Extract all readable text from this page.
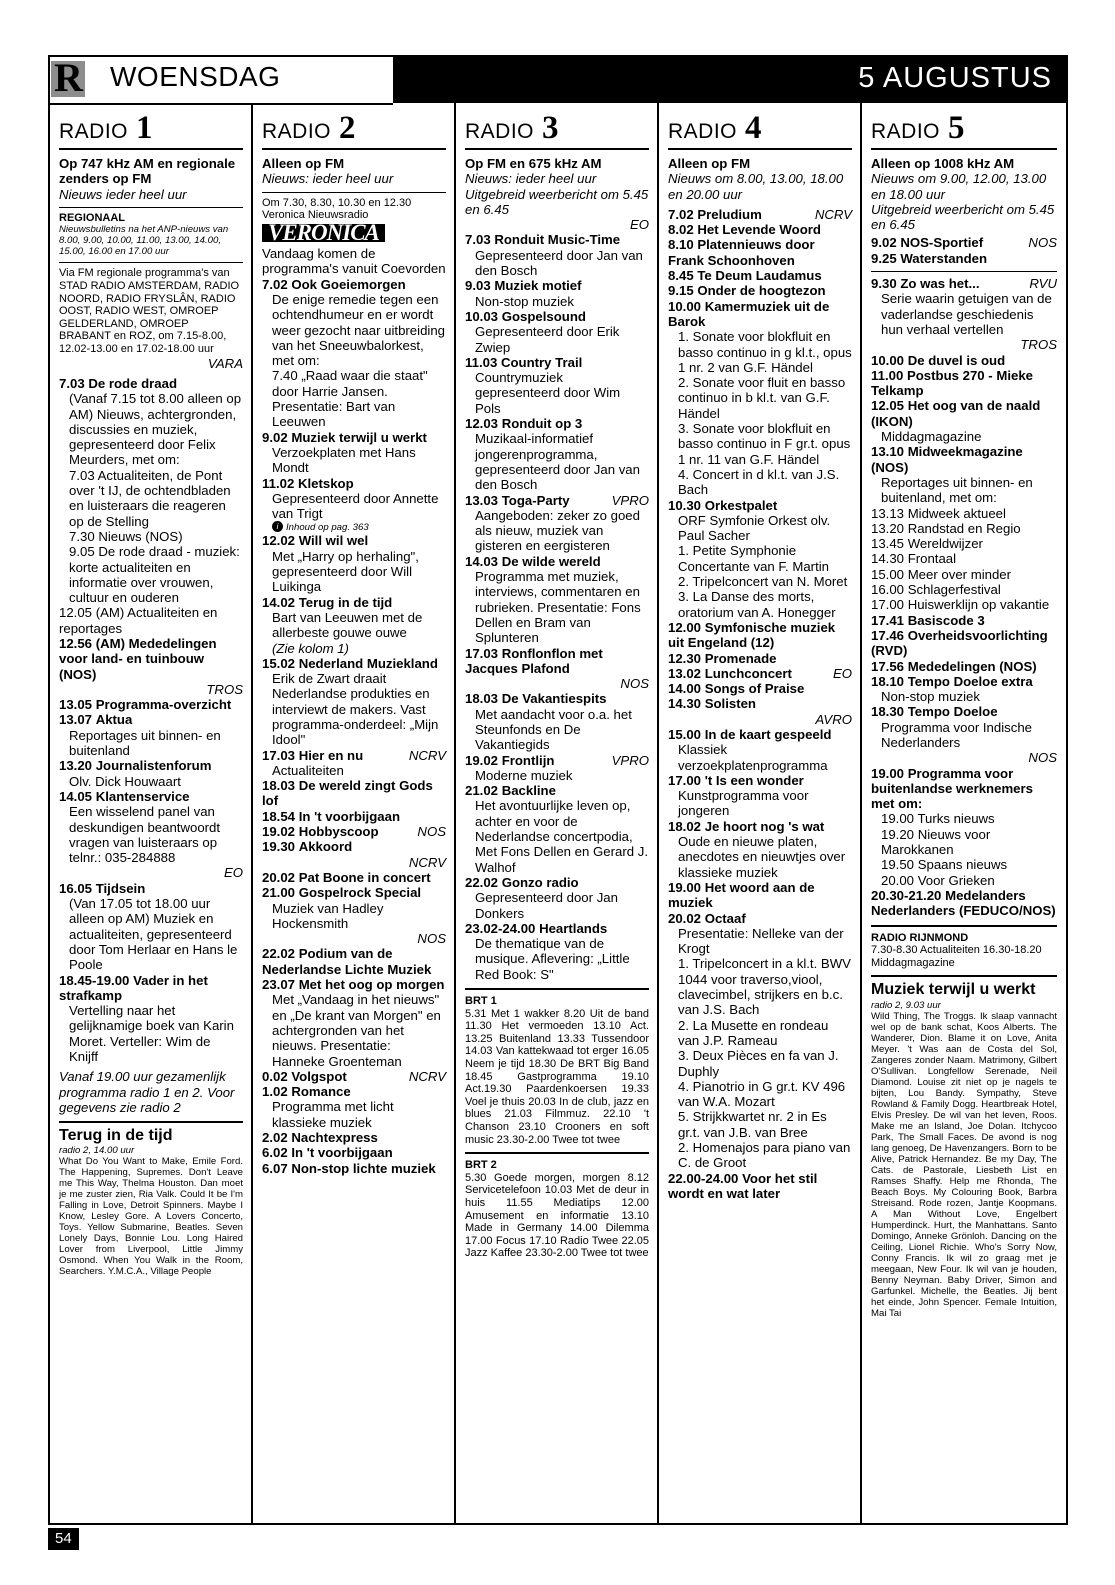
R WOENSDAG	5 AUGUSTUS
RADIO 1
Op 747 kHz AM en regionale zenders op FM
Nieuws ieder heel uur
REGIONAAL
Nieuwsbulletins na het ANP-nieuws van 8.00, 9.00, 10.00, 11.00, 13.00, 14.00, 15.00, 16.00 en 17.00 uur
Via FM regionale programma's van STAD RADIO AMSTERDAM, RADIO NOORD, RADIO FRYSLÂN, RADIO OOST, RADIO WEST, OMROEP GELDERLAND, OMROEP BRABANT en ROZ, om 7.15-8.00, 12.02-13.00 en 17.02-18.00 uur
VARA
7.03 De rode draad
(Vanaf 7.15 tot 8.00 alleen op AM) Nieuws, achtergronden, discussies en muziek, gepresenteerd door Felix Meurders, met om:
7.03 Actualiteiten, de Pont over 't IJ, de ochtendbladen en luisteraars die reageren op de Stelling
7.30 Nieuws (NOS)
9.05 De rode draad - muziek: korte actualiteiten en informatie over vrouwen, cultuur en ouderen
12.05 (AM) Actualiteiten en reportages
12.56 (AM) Mededelingen voor land- en tuinbouw (NOS)
TROS
13.05 Programma-overzicht
13.07 Aktua
Reportages uit binnen- en buitenland
13.20 Journalistenforum
Olv. Dick Houwaart
14.05 Klantenservice
Een wisselend panel van deskundigen beantwoordt vragen van luisteraars op telnr.: 035-284888
EO
16.05 Tijdsein
(Van 17.05 tot 18.00 uur alleen op AM) Muziek en actualiteiten, gepresenteerd door Tom Herlaar en Hans le Poole
18.45-19.00 Vader in het strafkamp
Vertelling naar het gelijknamige boek van Karin Moret. Verteller: Wim de Knijff
Vanaf 19.00 uur gezamenlijk programma radio 1 en 2. Voor gegevens zie radio 2
Terug in de tijd
radio 2, 14.00 uur
What Do You Want to Make, Emile Ford. The Happening, Supremes. Don't Leave me This Way, Thelma Houston. Dan moet je me zuster zien, Ria Valk. Could It be I'm Falling in Love, Detroit Spinners. Maybe I Know, Lesley Gore. A Lovers Concerto, Toys. Yellow Submarine, Beatles. Seven Lonely Days, Bonnie Lou. Long Haired Lover from Liverpool, Little Jimmy Osmond. When You Walk in the Room, Searchers. Y.M.C.A., Village People
RADIO 2
Alleen op FM
Nieuws: ieder heel uur
Om 7.30, 8.30, 10.30 en 12.30 Veronica Nieuwsradio
VERONICA
Vandaag komen de programma's vanuit Coevorden
7.02 Ook Goeiemorgen
De enige remedie tegen een ochtendhumeur en er wordt weer gezocht naar uitbreiding van het Sneeuwbalorkest, met om:
7.40 „Raad waar die staat" door Harrie Jansen. Presentatie: Bart van Leeuwen
9.02 Muziek terwijl u werkt
Verzoekplaten met Hans Mondt
11.02 Kletskop
Gepresenteerd door Annette van Trigt
i Inhoud op pag. 363
12.02 Will wil wel
Met „Harry op herhaling", gepresenteerd door Will Luikinga
14.02 Terug in de tijd
Bart van Leeuwen met de allerbeste gouwe ouwe
(Zie kolom 1)
15.02 Nederland Muziekland
Erik de Zwart draait Nederlandse produkties en interviewt de makers. Vast programma-onderdeel: „Mijn Idool"
17.03 Hier en nu	NCRV
Actualiteiten
18.03 De wereld zingt Gods lof
18.54 In 't voorbijgaan
19.02 Hobbyscoop	NOS
19.30 Akkoord
NCRV
20.02 Pat Boone in concert
21.00 Gospelrock Special
Muziek van Hadley Hockensmith
NOS
22.02 Podium van de Nederlandse Lichte Muziek
23.07 Met het oog op morgen
Met „Vandaag in het nieuws" en „De krant van Morgen" en achtergronden van het nieuws. Presentatie: Hanneke Groenteman
0.02 Volgspot	NCRV
1.02 Romance
Programma met licht klassieke muziek
2.02 Nachtexpress
6.02 In 't voorbijgaan
6.07 Non-stop lichte muziek
RADIO 3
Op FM en 675 kHz AM
Nieuws: ieder heel uur
Uitgebreid weerbericht om 5.45 en 6.45
EO
7.03 Ronduit Music-Time
Gepresenteerd door Jan van den Bosch
9.03 Muziek motief
Non-stop muziek
10.03 Gospelsound
Gepresenteerd door Erik Zwiep
11.03 Country Trail
Countrymuziek gepresenteerd door Wim Pols
12.03 Ronduit op 3
Muzikaal-informatief jongerenprogramma, gepresenteerd door Jan van den Bosch
13.03 Toga-Party	VPRO
Aangeboden: zeker zo goed als nieuw, muziek van gisteren en eergisteren
14.03 De wilde wereld
Programma met muziek, interviews, commentaren en rubrieken. Presentatie: Fons Dellen en Bram van Splunteren
17.03 Ronflonflon met Jacques Plafond
NOS
18.03 De Vakantiespits
Met aandacht voor o.a. het Steunfonds en De Vakantiegids
19.02 Frontlijn	VPRO
Moderne muziek
21.02 Backline
Het avontuurlijke leven op, achter en voor de Nederlandse concertpodia, Met Fons Dellen en Gerard J. Walhof
22.02 Gonzo radio
Gepresenteerd door Jan Donkers
23.02-24.00 Heartlands
De thematique van de musique. Aflevering: „Little Red Book: S"
BRT 1
5.31 Met 1 wakker 8.20 Uit de band 11.30 Het vermoeden 13.10 Act. 13.25 Buitenland 13.33 Tussendoor 14.03 Van kattekwaad tot erger 16.05 Neem je tijd 18.30 De BRT Big Band 18.45 Gastprogramma 19.10 Act.19.30 Paardenkoersen 19.33 Voel je thuis 20.03 In de club, jazz en blues 21.03 Filmmuz. 22.10 't Chanson 23.10 Crooners en soft music 23.30-2.00 Twee tot twee
BRT 2
5.30 Goede morgen, morgen 8.12 Servicetelefoon 10.03 Met de deur in huis 11.55 Mediatips 12.00 Amusement en informatie 13.10 Made in Germany 14.00 Dilemma 17.00 Focus 17.10 Radio Twee 22.05 Jazz Kaffee 23.30-2.00 Twee tot twee
RADIO 4
Alleen op FM
Nieuws om 8.00, 13.00, 18.00 en 20.00 uur
7.02 Preludium	NCRV
8.02 Het Levende Woord
8.10 Platennieuws door Frank Schoonhoven
8.45 Te Deum Laudamus
9.15 Onder de hoogtezon
10.00 Kamermuziek uit de Barok
1. Sonate voor blokfluit en basso continuo in g kl.t., opus 1 nr. 2 van G.F. Händel
2. Sonate voor fluit en basso continuo in b kl.t. van G.F. Händel
3. Sonate voor blokfluit en basso continuo in F gr.t. opus 1 nr. 11 van G.F. Händel
4. Concert in d kl.t. van J.S. Bach
10.30 Orkestpalet
ORF Symfonie Orkest olv. Paul Sacher
1. Petite Symphonie Concertante van F. Martin
2. Tripelconcert van N. Moret
3. La Danse des morts, oratorium van A. Honegger
12.00 Symfonische muziek uit Engeland (12)
12.30 Promenade
13.02 Lunchconcert	EO
14.00 Songs of Praise
14.30 Solisten
AVRO
15.00 In de kaart gespeeld
Klassiek verzoekplatenprogramma
17.00 't Is een wonder
Kunstprogramma voor jongeren
18.02 Je hoort nog 's wat
Oude en nieuwe platen, anecdotes en nieuwtjes over klassieke muziek
19.00 Het woord aan de muziek
20.02 Octaaf
Presentatie: Nelleke van der Krogt
1. Tripelconcert in a kl.t. BWV 1044 voor traverso,viool, clavecimbel, strijkers en b.c. van J.S. Bach
2. La Musette en rondeau van J.P. Rameau
3. Deux Pièces en fa van J. Duphly
4. Pianotrio in G gr.t. KV 496 van W.A. Mozart
5. Strijkkwartet nr. 2 in Es gr.t. van J.B. van Bree
2. Homenajos para piano van C. de Groot
22.00-24.00 Voor het stil wordt en wat later
RADIO 5
Alleen op 1008 kHz AM
Nieuws om 9.00, 12.00, 13.00 en 18.00 uur
Uitgebreid weerbericht om 5.45 en 6.45
9.02 NOS-Sportief	NOS
9.25 Waterstanden
9.30 Zo was het...	RVU
Serie waarin getuigen van de vaderlandse geschiedenis hun verhaal vertellen
TROS
10.00 De duvel is oud
11.00 Postbus 270 - Mieke Telkamp
12.05 Het oog van de naald (IKON)
Middagmagazine
13.10 Midweekmagazine (NOS)
Reportages uit binnen- en buitenland, met om:
13.13 Midweek aktueel
13.20 Randstad en Regio
13.45 Wereldwijzer
14.30 Frontaal
15.00 Meer over minder
16.00 Schlagerfestival
17.00 Huiswerklijn op vakantie
17.41 Basiscode 3
17.46 Overheidsvoorlichting (RVD)
17.56 Mededelingen (NOS)
18.10 Tempo Doeloe extra
Non-stop muziek
18.30 Tempo Doeloe
Programma voor Indische Nederlanders
NOS
19.00 Programma voor buitenlandse werknemers met om:
19.00 Turks nieuws
19.20 Nieuws voor Marokkanen
19.50 Spaans nieuws
20.00 Voor Grieken
20.30-21.20 Medelanders Nederlanders (FEDUCO/NOS)
RADIO RIJNMOND
7.30-8.30 Actualiteiten 16.30-18.20 Middagmagazine
Muziek terwijl u werkt
radio 2, 9.03 uur
Wild Thing, The Troggs. Ik slaap vannacht wel op de bank schat, Koos Alberts. The Wanderer, Dion. Blame it on Love, Anita Meyer. 't Was aan de Costa del Sol, Zangeres zonder Naam. Matrimony, Gilbert O'Sullivan. Longfellow Serenade, Neil Diamond. Louise zit niet op je nagels te bijten, Lou Bandy. Sympathy, Steve Rowland & Family Dogg. Heartbreak Hotel, Elvis Presley. De wil van het leven, Roos. Make me an Island, Joe Dolan. Itchycoo Park, The Small Faces. De avond is nog lang genoeg, De Havenzangers. Born to be Alive, Patrick Hernandez. Be my Day, The Cats. de Pastorale, Liesbeth List en Ramses Shaffy. Help me Rhonda, The Beach Boys. My Colouring Book, Barbra Streisand. Rode rozen, Jantje Koopmans. A Man Without Love, Engelbert Humperdinck. Hurt, the Manhattans. Santo Domingo, Anneke Grönloh. Dancing on the Ceiling, Lionel Richie. Who's Sorry Now, Conny Francis. Ik wil zo graag met je meegaan, New Four. Ik wil van je houden, Benny Neyman. Baby Driver, Simon and Garfunkel. Michelle, the Beatles. Jij bent het einde, John Spencer. Female Intuition, Mai Tai
54
